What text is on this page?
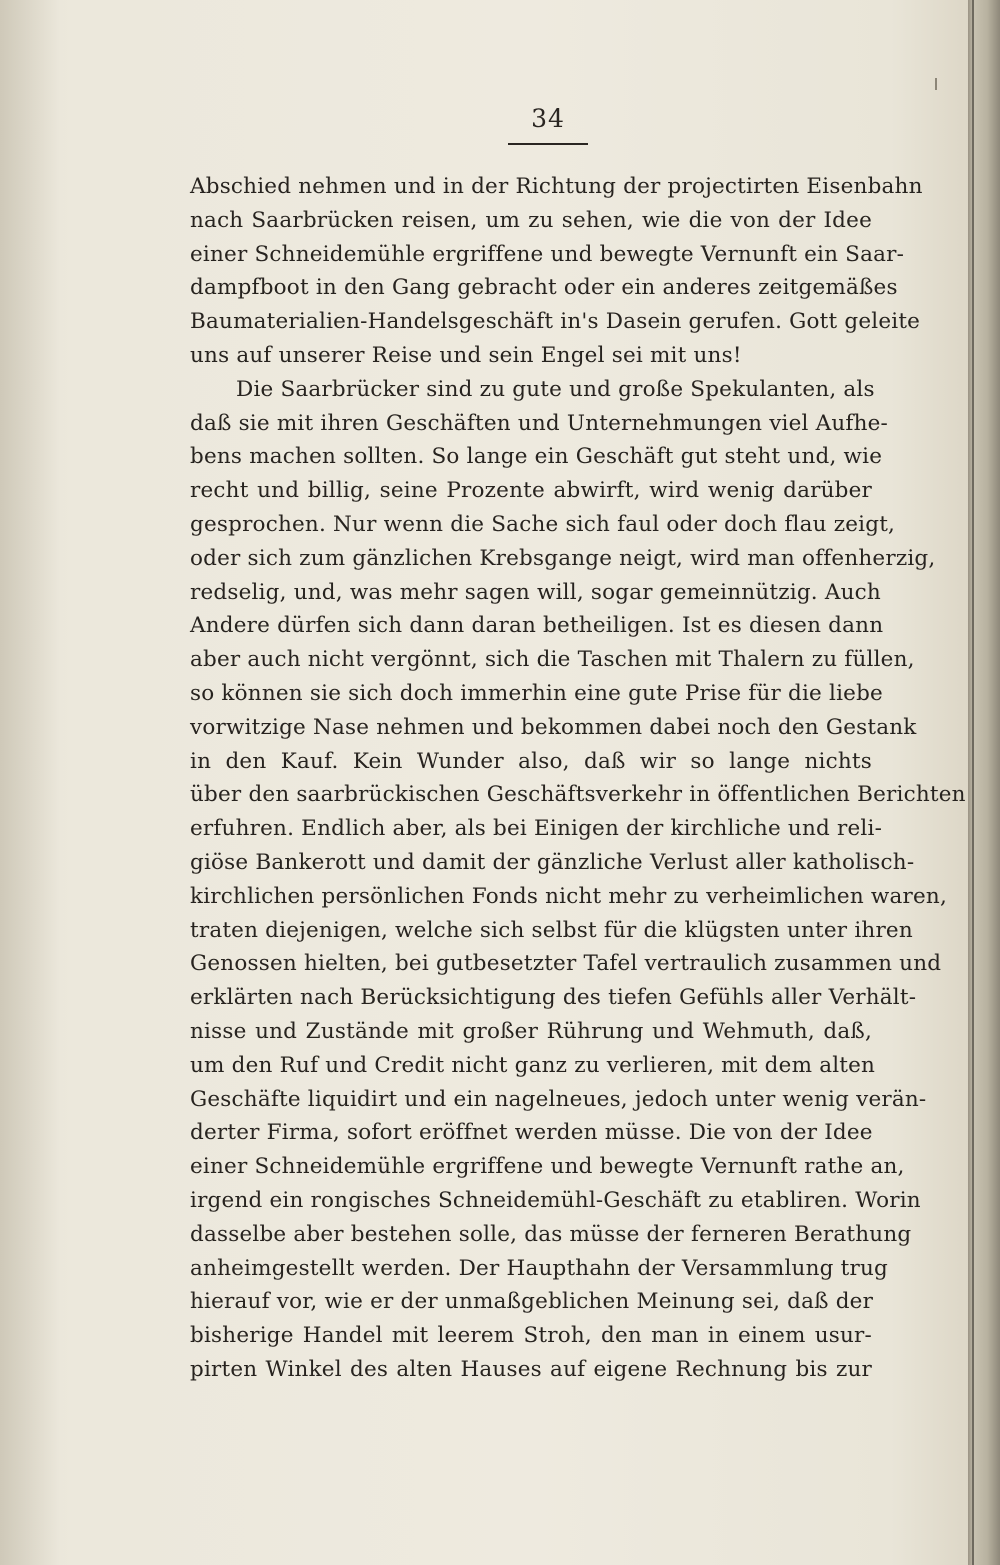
34
Abschied nehmen und in der Richtung der projectirten Eisenbahn
nach Saarbrücken reisen, um zu sehen, wie die von der Idee
einer Schneidemühle ergriffene und bewegte Vernunft ein Saar-
dampfboot in den Gang gebracht oder ein anderes zeitgemäßes
Baumaterialien-Handelsgeschäft in's Dasein gerufen. Gott geleite
uns auf unserer Reise und sein Engel sei mit uns!
Die Saarbrücker sind zu gute und große Spekulanten, als
daß sie mit ihren Geschäften und Unternehmungen viel Aufhe-
bens machen sollten. So lange ein Geschäft gut steht und, wie
recht und billig, seine Prozente abwirft, wird wenig darüber
gesprochen. Nur wenn die Sache sich faul oder doch flau zeigt,
oder sich zum gänzlichen Krebsgange neigt, wird man offenherzig,
redselig, und, was mehr sagen will, sogar gemeinnützig. Auch
Andere dürfen sich dann daran betheiligen. Ist es diesen dann
aber auch nicht vergönnt, sich die Taschen mit Thalern zu füllen,
so können sie sich doch immerhin eine gute Prise für die liebe
vorwitzige Nase nehmen und bekommen dabei noch den Gestank
in den Kauf. Kein Wunder also, daß wir so lange nichts
über den saarbrückischen Geschäftsverkehr in öffentlichen Berichten
erfuhren. Endlich aber, als bei Einigen der kirchliche und reli-
giöse Bankerott und damit der gänzliche Verlust aller katholisch-
kirchlichen persönlichen Fonds nicht mehr zu verheimlichen waren,
traten diejenigen, welche sich selbst für die klügsten unter ihren
Genossen hielten, bei gutbesetzter Tafel vertraulich zusammen und
erklärten nach Berücksichtigung des tiefen Gefühls aller Verhält-
nisse und Zustände mit großer Rührung und Wehmuth, daß,
um den Ruf und Credit nicht ganz zu verlieren, mit dem alten
Geschäfte liquidirt und ein nagelneues, jedoch unter wenig verän-
derter Firma, sofort eröffnet werden müsse. Die von der Idee
einer Schneidemühle ergriffene und bewegte Vernunft rathe an,
irgend ein rongisches Schneidemühl-Geschäft zu etabliren. Worin
dasselbe aber bestehen solle, das müsse der ferneren Berathung
anheimgestellt werden. Der Haupthahn der Versammlung trug
hierauf vor, wie er der unmaßgeblichen Meinung sei, daß der
bisherige Handel mit leerem Stroh, den man in einem usur-
pirten Winkel des alten Hauses auf eigene Rechnung bis zur
